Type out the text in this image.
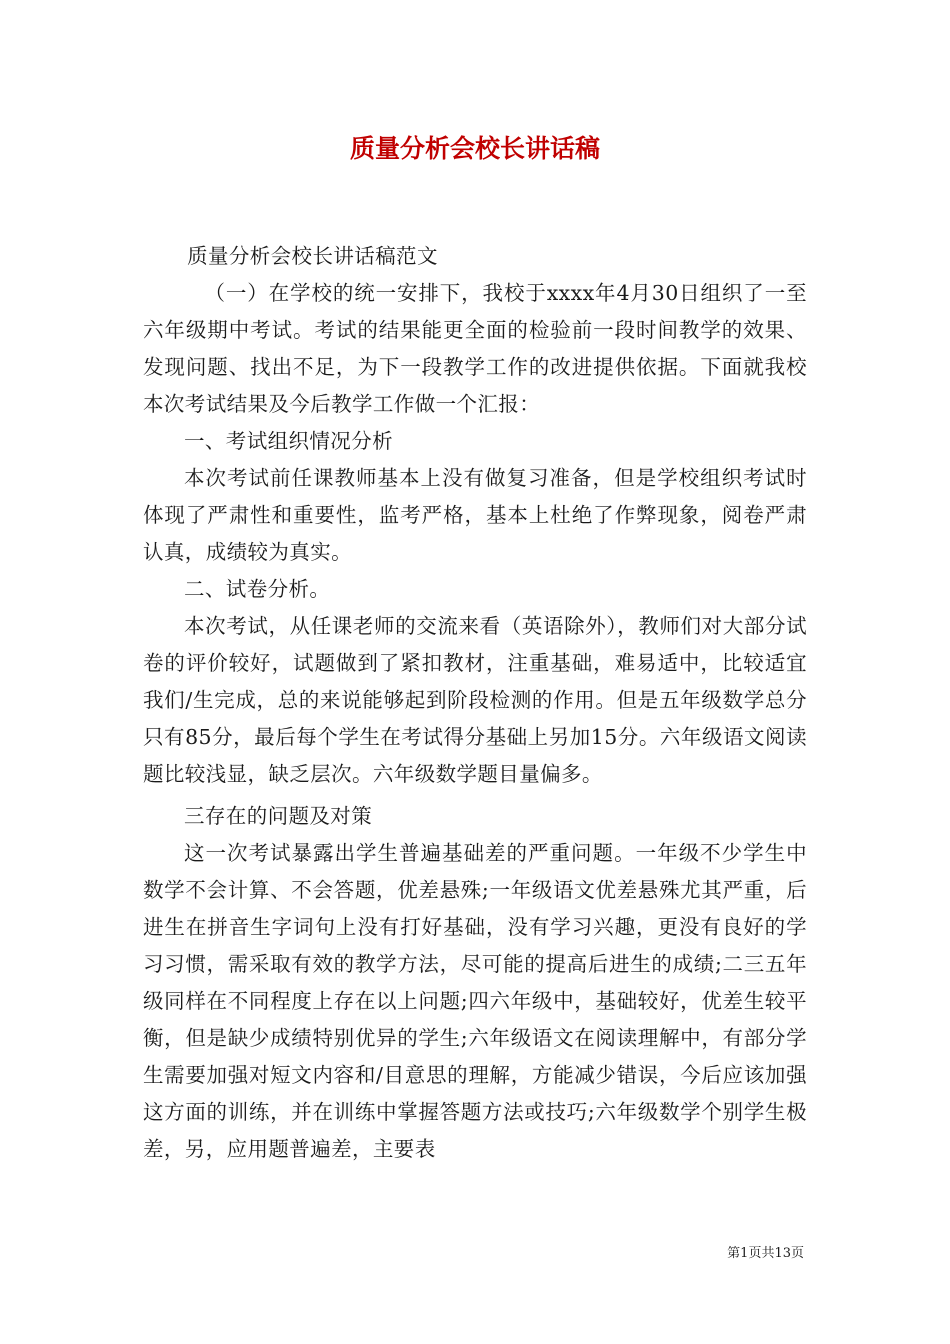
质量分析会校长讲话稿

质量分析会校长讲话稿范文

（一）在学校的统一安排下，我校于xxxx年4月30日组织了一至六年级期中考试。考试的结果能更全面的检验前一段时间教学的效果、发现问题、找出不足，为下一段教学工作的改进提供依据。下面就我校本次考试结果及今后教学工作做一个汇报：

一、考试组织情况分析

本次考试前任课教师基本上没有做复习准备，但是学校组织考试时体现了严肃性和重要性，监考严格，基本上杜绝了作弊现象，阅卷严肃认真，成绩较为真实。

二、试卷分析。

本次考试，从任课老师的交流来看（英语除外），教师们对大部分试卷的评价较好，试题做到了紧扣教材，注重基础，难易适中，比较适宜我们/生完成，总的来说能够起到阶段检测的作用。但是五年级数学总分只有85分，最后每个学生在考试得分基础上另加15分。六年级语文阅读题比较浅显，缺乏层次。六年级数学题目量偏多。

三存在的问题及对策

这一次考试暴露出学生普遍基础差的严重问题。一年级不少学生中数学不会计算、不会答题，优差悬殊;一年级语文优差悬殊尤其严重，后进生在拼音生字词句上没有打好基础，没有学习兴趣，更没有良好的学习习惯，需采取有效的教学方法，尽可能的提高后进生的成绩;二三五年级同样在不同程度上存在以上问题;四六年级中，基础较好，优差生较平衡，但是缺少成绩特别优异的学生;六年级语文在阅读理解中，有部分学生需要加强对短文内容和/目意思的理解，方能减少错误，今后应该加强这方面的训练，并在训练中掌握答题方法或技巧;六年级数学个别学生极差，另，应用题普遍差，主要表

第1页共13页
